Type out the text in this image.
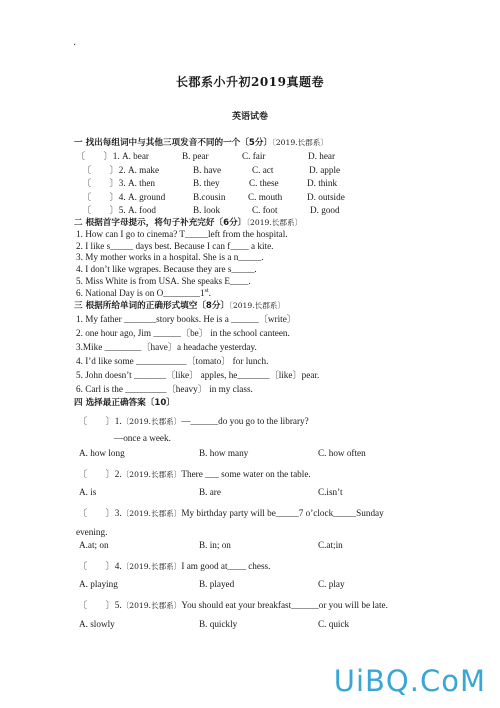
·
长郡系小升初2019真题卷
英语试卷
一 找出每组词中与其他三项发音不同的一个〔5分〕〔2019.长郡系〕
〔　　〕1. A. bear	B. pear	C. fair	D. hear
〔　　〕2. A. make	B. have	C. act	D. apple
〔　　〕3. A. then	B. they	C. these	D. think
〔　　〕4. A. ground	B.cousin C. mouth	D. outside
〔　　〕5. A. food	B. look	C. foot	D. good
二 根据首字母提示，将句子补充完好〔6分〕〔2019.长郡系〕
1. How can I go to cinema? T_____left from the hospital.
2. I like s_____ days best. Because I can f____ a kite.
3. My mother works in a hospital. She is a n_____.
4. I don’t like wgrapes. Because they are s_____.
5. Miss White is from USA. She speaks E____.
6. National Day is on O________1st.
三 根据所给单词的正确形式填空〔8分〕〔2019.长郡系〕
1. My father _______story books. He is a ______〔write〕
2. one hour ago, Jim ______〔be〕 in the school canteen.
3.Mike ________〔have〕a headache yesterday.
4. I’d like some ___________〔tomato〕 for lunch.
5. John doesn’t _______〔like〕 apples, he_______〔like〕pear.
6. Carl is the _________〔heavy〕 in my class.
四 选择最正确答案〔10〕
〔　　〕1.〔2019.长郡系〕—______do you go to the library?
—once a week.
A. how long	B. how many	C. how often
〔　　〕2.〔2019.长郡系〕There ___ some water on the table.
A. is	B. are	C.isn’t
〔　　〕3.〔2019.长郡系〕My birthday party will be_____7 o’clock_____Sunday
evening.
A.at; on	B. in; on	C.at;in
〔　　〕4.〔2019.长郡系〕I am good at____ chess.
A. playing	B. played	C. play
〔　　〕5.〔2019.长郡系〕You should eat your breakfast______or you will be late.
A. slowly	B. quickly	C. quick
UiBQ.CoM
